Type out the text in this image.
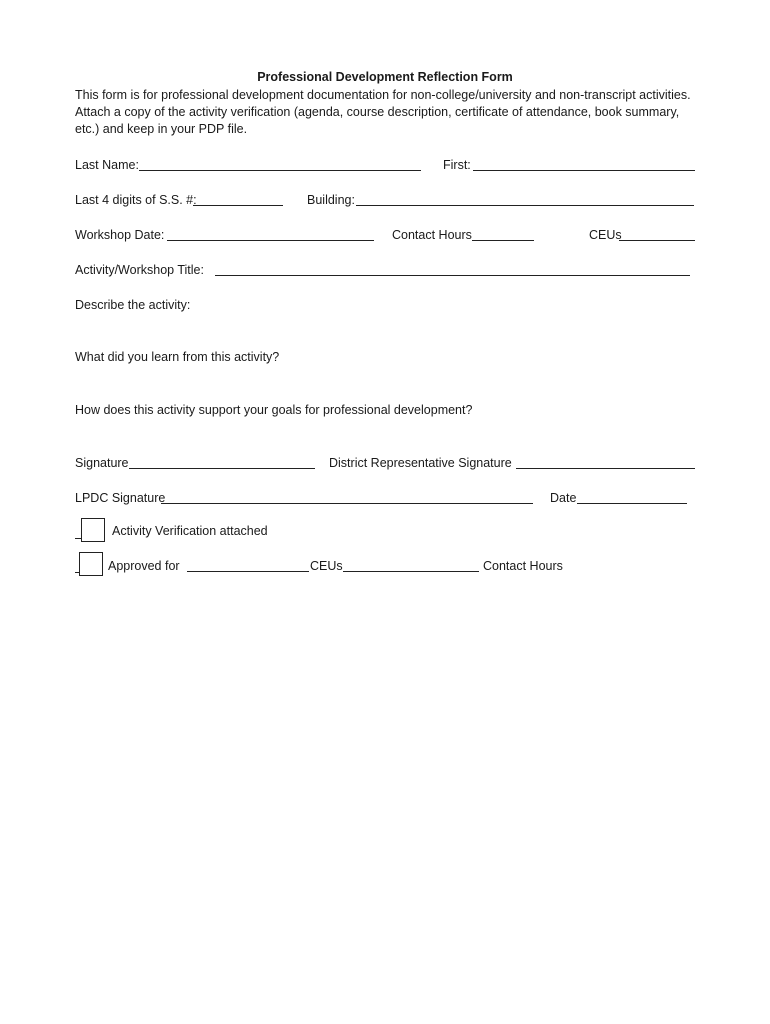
Professional Development Reflection Form

This form is for professional development documentation for non-college/university and non-transcript activities. Attach a copy of the activity verification (agenda, course description, certificate of attendance, book summary, etc.) and keep in your PDP file.

Last Name:	First:
Last 4 digits of S.S. #:	Building:
Workshop Date:	Contact Hours	CEUs
Activity/Workshop Title:
Describe the activity:
What did you learn from this activity?
How does this activity support your goals for professional development?
Signature	District Representative Signature
LPDC Signature	Date
Activity Verification attached
Approved for	CEUs	Contact Hours
